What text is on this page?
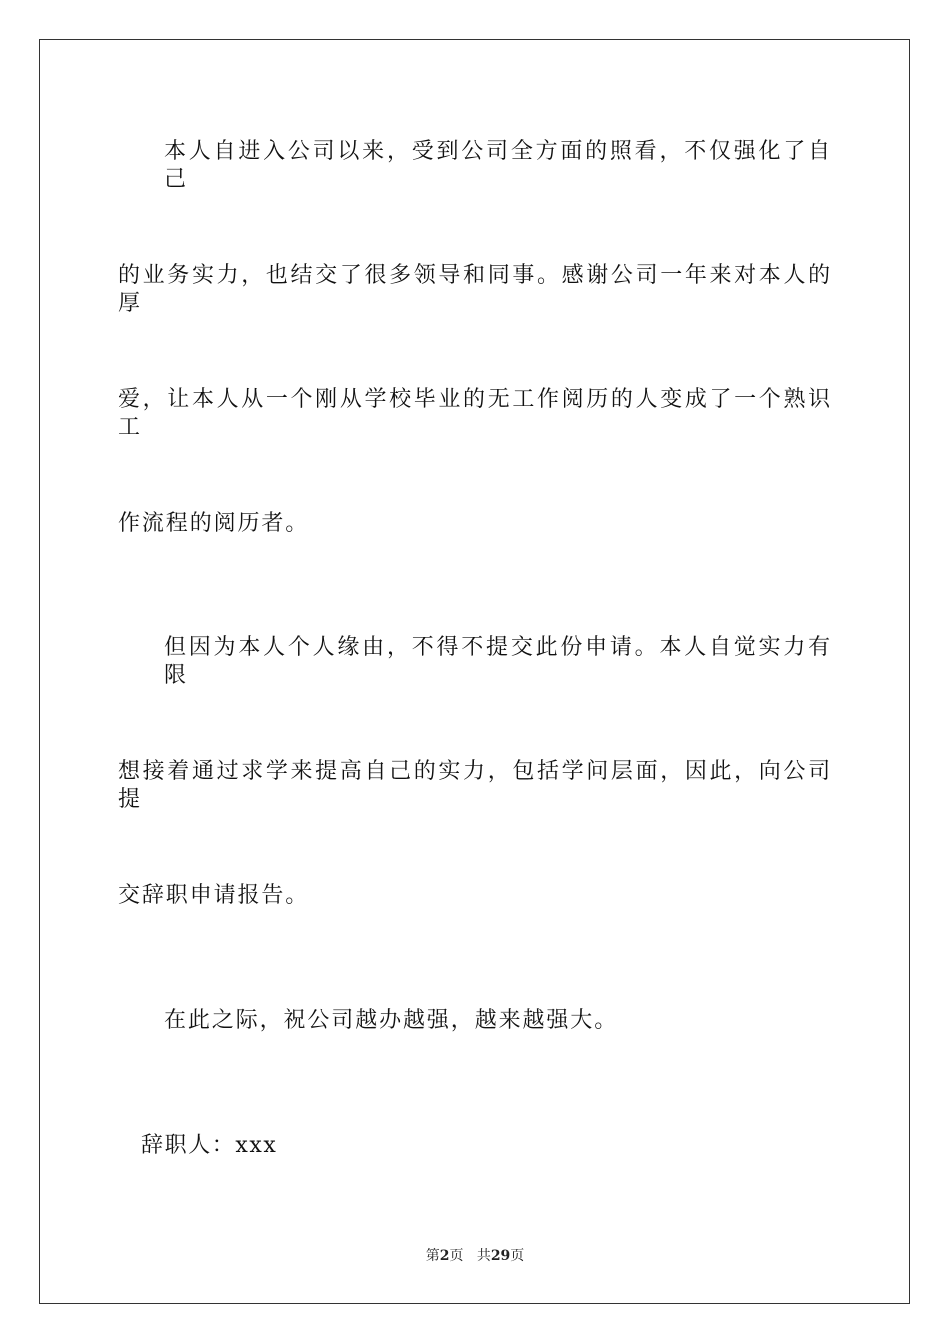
本人自进入公司以来，受到公司全方面的照看，不仅强化了自己

的业务实力，也结交了很多领导和同事。感谢公司一年来对本人的厚

爱，让本人从一个刚从学校毕业的无工作阅历的人变成了一个熟识工

作流程的阅历者。

但因为本人个人缘由，不得不提交此份申请。本人自觉实力有限

想接着通过求学来提高自己的实力，包括学问层面，因此，向公司提

交辞职申请报告。

在此之际，祝公司越办越强，越来越强大。

辞职人：xxx

第2页 共29页
